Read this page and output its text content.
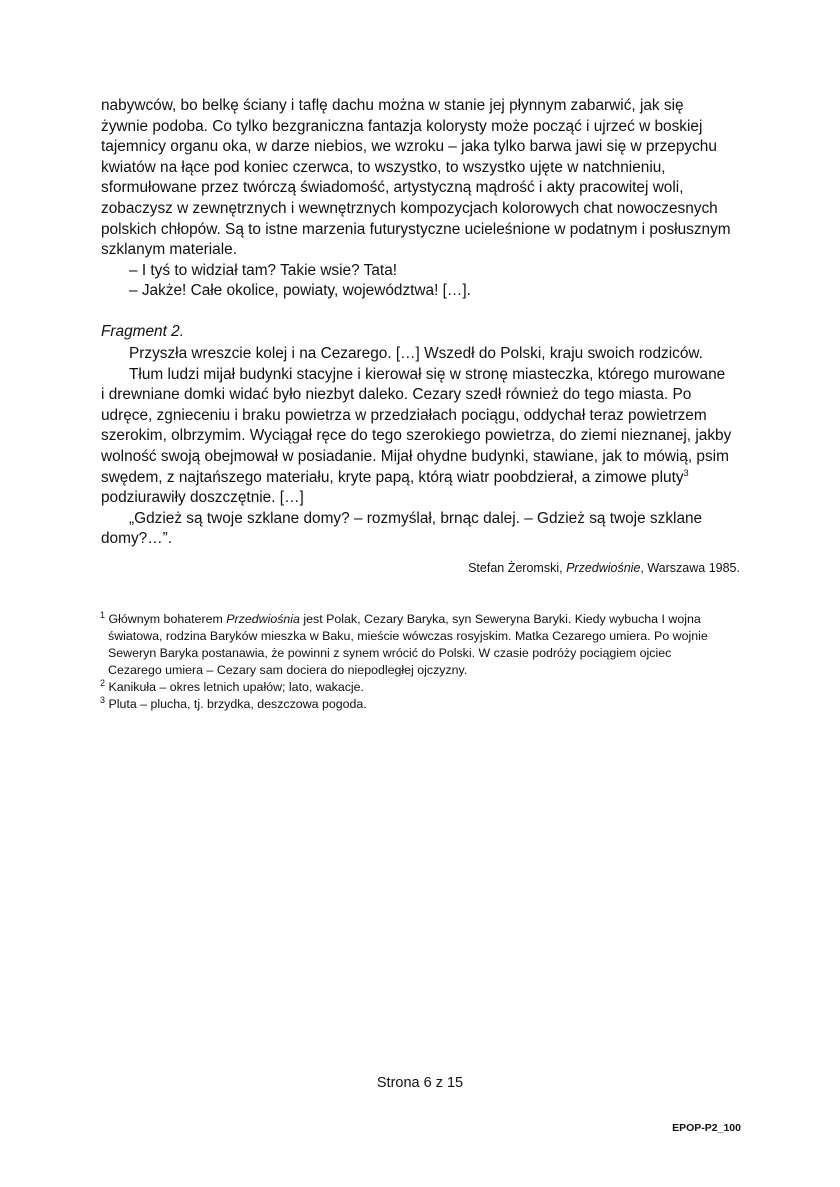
nabywców, bo belkę ściany i taflę dachu można w stanie jej płynnym zabarwić, jak się
żywnie podoba. Co tylko bezgraniczna fantazja kolorysty może począć i ujrzeć w boskiej
tajemnicy organu oka, w darze niebios, we wzroku – jaka tylko barwa jawi się w przepychu
kwiatów na łące pod koniec czerwca, to wszystko, to wszystko ujęte w natchnieniu,
sformułowane przez twórczą świadomość, artystyczną mądrość i akty pracowitej woli,
zobaczysz w zewnętrznych i wewnętrznych kompozycjach kolorowych chat nowoczesnych
polskich chłopów. Są to istne marzenia futurystyczne ucieleśnione w podatnym i posłusznym
szklanym materiale.
– I tyś to widział tam? Takie wsie? Tata!
– Jakże! Całe okolice, powiaty, województwa! […].
Fragment 2.
Przyszła wreszcie kolej i na Cezarego. […] Wszedł do Polski, kraju swoich rodziców.
Tłum ludzi mijał budynki stacyjne i kierował się w stronę miasteczka, którego murowane
i drewniane domki widać było niezbyt daleko. Cezary szedł również do tego miasta. Po
udręce, zgnieceniu i braku powietrza w przedziałach pociągu, oddychał teraz powietrzem
szerokim, olbrzymim. Wyciągał ręce do tego szerokiego powietrza, do ziemi nieznanej, jakby
wolność swoją obejmował w posiadanie. Mijał ohydne budynki, stawiane, jak to mówią, psim
swędem, z najtańszego materiału, kryte papą, którą wiatr poobdzierał, a zimowe pluty$^3$
podziurawiły doszczętnie. […]
„Gdzież są twoje szklane domy? – rozmyślał, brnąc dalej. – Gdzież są twoje szklane
domy?…”.
Stefan Żeromski, Przedwiośnie, Warszawa 1985.
$^1$ Głównym bohaterem Przedwiośnia jest Polak, Cezary Baryka, syn Seweryna Baryki. Kiedy wybucha I wojna
światowa, rodzina Baryków mieszka w Baku, mieście wówczas rosyjskim. Matka Cezarego umiera. Po wojnie
Seweryn Baryka postanawia, że powinni z synem wrócić do Polski. W czasie podróży pociągiem ojciec
Cezarego umiera – Cezary sam dociera do niepodległej ojczyzny.
$^2$ Kanikuła – okres letnich upałów; lato, wakacje.
$^3$ Pluta – plucha, tj. brzydka, deszczowa pogoda.
Strona 6 z 15
EPOP-P2_100
